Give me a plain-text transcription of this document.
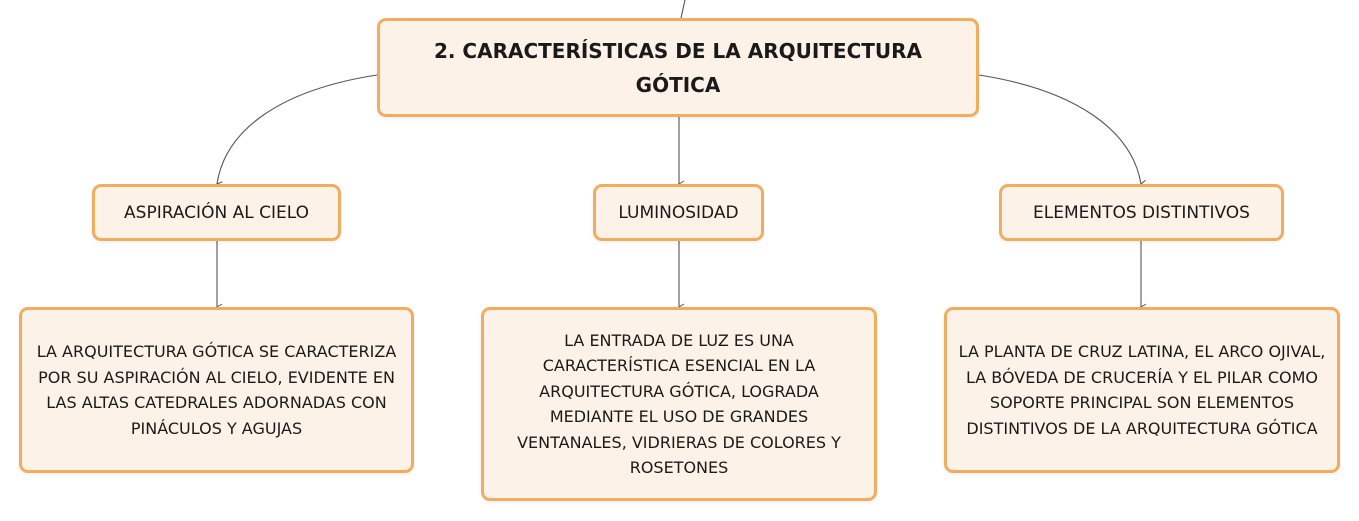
2. CARACTERÍSTICAS DE LA ARQUITECTURA
GÓTICA
ASPIRACIÓN AL CIELO	LUMINOSIDAD	ELEMENTOS DISTINTIVOS
LA ARQUITECTURA GÓTICA SE CARACTERIZA
POR SU ASPIRACIÓN AL CIELO, EVIDENTE EN
LAS ALTAS CATEDRALES ADORNADAS CON
PINÁCULOS Y AGUJAS
LA ENTRADA DE LUZ ES UNA
CARACTERÍSTICA ESENCIAL EN LA
ARQUITECTURA GÓTICA, LOGRADA
MEDIANTE EL USO DE GRANDES
VENTANALES, VIDRIERAS DE COLORES Y
ROSETONES
LA PLANTA DE CRUZ LATINA, EL ARCO OJIVAL,
LA BÓVEDA DE CRUCERÍA Y EL PILAR COMO
SOPORTE PRINCIPAL SON ELEMENTOS
DISTINTIVOS DE LA ARQUITECTURA GÓTICA
